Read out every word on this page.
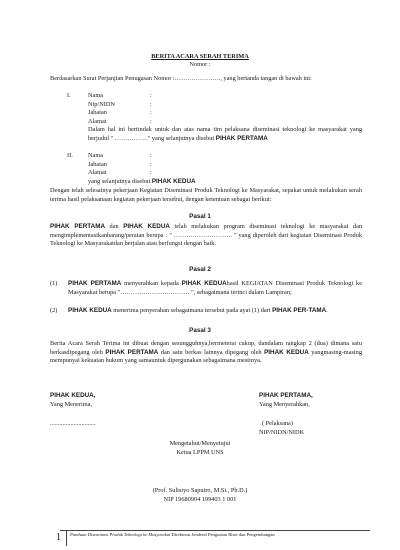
BERITA ACARA SERAH TERIMA
Nomor :
Berdasarkan Surat Perjanjian Penugasan Nomor :…………………., yang bertanda tangan di bawah ini:
I.	Nama	:
Nip/NIDN	:
Jabatan	:
Alamat	:
Dalam hal ini bertindak untuk dan atas nama tim pelaksana diseminasi teknologi ke masyarakat yang berjudul " ……………." yang selanjutnya disebut PIHAK PERTAMA
II. Nama	:
Jabatan	:
Alamat	:
yang selanjutnya disebut PIHAK KEDUA
Dengan telah selesainya pekerjaan Kegiatan Diseminasi Produk Teknologi ke Masyarakat, sepakat untuk melakukan serah terima hasil pelaksanaan kegiatan pekerjaan tersebut, dengan ketentuan sebagai berikut:
Pasal 1
PIHAK PERTAMA dan PIHAK KEDUA telah melakukan program diseminasi teknologi ke masyarakat dan mengimplementasikanbarang/peratan berupa : " ………………………. " yang diperoleh dari kegiatan Diseminasi Produk Teknologi ke Masyarakatdan berjalan atau berfungsi dengan baik.
Pasal 2
(1) PIHAK PERTAMA menyerahkan kepada PIHAK KEDUAhasil KEGIATAN Diseminasi Produk Teknologi ke Masyarakat berupa "…………………………… ", sebagaimana terinci dalam Lampiran;
(2) PIHAK KEDUA menerima penyerahan sebagaimana tersebut pada ayat (1) dari PIHAK PER-TAMA.
Pasal 3
Berita Acara Serah Terima ini dibuat dengan sesungguhnya,bermeterai cukup, dandalam rangkap 2 (dua) dimana satu berkasdipegang oleh PIHAK PERTAMA dan satu berkas lainnya dipegang oleh PIHAK KEDUA yangmasing-masing mempunyai kekuatan hukum yang samauntuk dipergunakan sebagaimana mestinya.
PIHAK KEDUA,
Yang Menerima,
.............................
PIHAK PERTAMA,
Yang Menyerahkan,
( Pelaksana)
NIP/NIDN/NIDK
Mengetahui/Menyetujui
Ketua LPPM UNS
(Prof. Sulistyo Saputro, M.Si., Ph.D.)
NIP 19680904 199403 1 001
1 Panduan Diseminasi Produk Teknologi ke Masyarakat Direktorat Jenderal Penguatan Riset dan Pengembangan
